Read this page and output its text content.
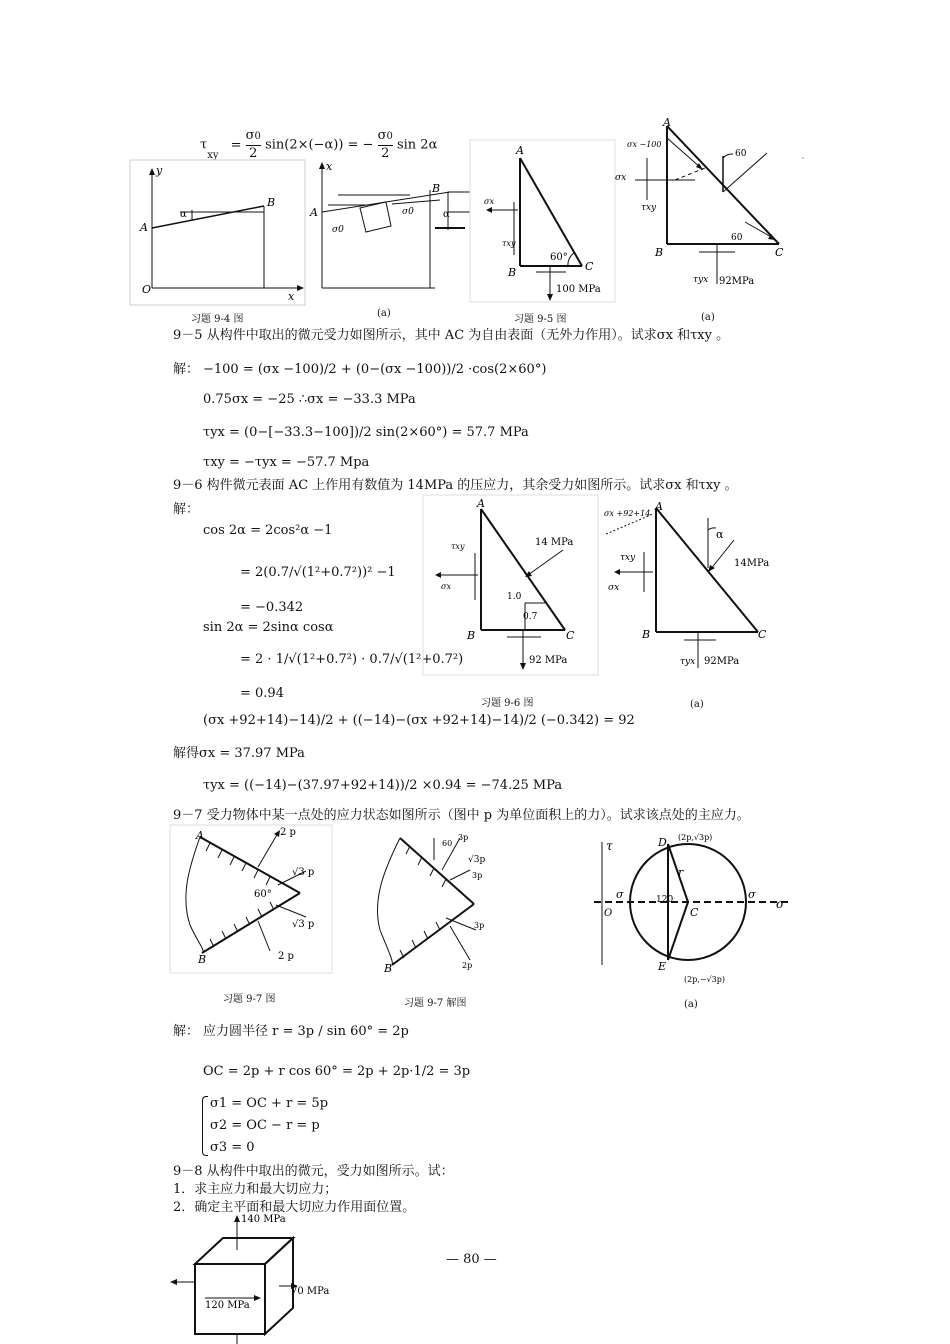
$\tau_{xy} = \frac{\sigma 0}{2} \sin(2\times(-\alpha))$ = − $\frac{\sigma 0}{2}$ sin 2α
y
x
A
B
O
α
习题 9-4 图
x
A
B
σ0
σ0	α
(a)
A
B	C
60°
σx
τxy
100 MPa
习题 9-5 图
A
B	C
60
60
σx −100
σx
τxy
τyx 92MPa
◦
(a)
9－5 从构件中取出的微元受力如图所示，其中 AC 为自由表面（无外力作用）。试求σx 和τxy 。
解： −100 = (σx −100)/2 + (0−(σx −100))/2 ·cos(2×60°)
0.75σx = −25 ∴σx = −33.3 MPa
τyx = (0−[−33.3−100])/2 sin(2×60°) = 57.7 MPa
τxy = −τyx = −57.7 Mpa
9－6 构件微元表面 AC 上作用有数值为 14MPa 的压应力，其余受力如图所示。试求σx 和τxy 。
解：
cos 2α = 2cos²α −1
= 2(0.7/√(1²+0.7²))² −1
= −0.342
sin 2α = 2sinα cosα
= 2 · 1/√(1²+0.7²) · 0.7/√(1²+0.7²)
= 0.94
(σx +92+14)−14)/2 + ((−14)−(σx +92+14)−14)/2 (−0.342) = 92
解得σx = 37.97 MPa
τyx = ((−14)−(37.97+92+14))/2 ×0.94 = −74.25 MPa
A
B	C
14 MPa
τxy
σx
1.0
0.7
92 MPa
习题 9-6 图
A
B	C
α
14MPa
σx +92+14
τxy
σx
τyx 92MPa
(a)
9－7 受力物体中某一点处的应力状态如图所示（图中 p 为单位面积上的力）。试求该点处的主应力。
A
B
2 p
2 p
√3 p
√3 p
60°
习题 9-7 图
B
3p
√3p
3p
3p
2p
60
习题 9-7 解图
τ
σ
O	C
D
E
r
120
σ	σ
(2p,√3p)
(2p,−√3p)
(a)
解： 应力圆半径 r = 3p / sin 60° = 2p
OC = 2p + r cos 60° = 2p + 2p·1/2 = 3p
σ1 = OC + r = 5p
σ2 = OC − r = p
σ3 = 0
9－8 从构件中取出的微元，受力如图所示。试：
1．求主应力和最大切应力；
2．确定主平面和最大切应力作用面位置。
140 MPa
120 MPa
70 MPa
— 80 —
